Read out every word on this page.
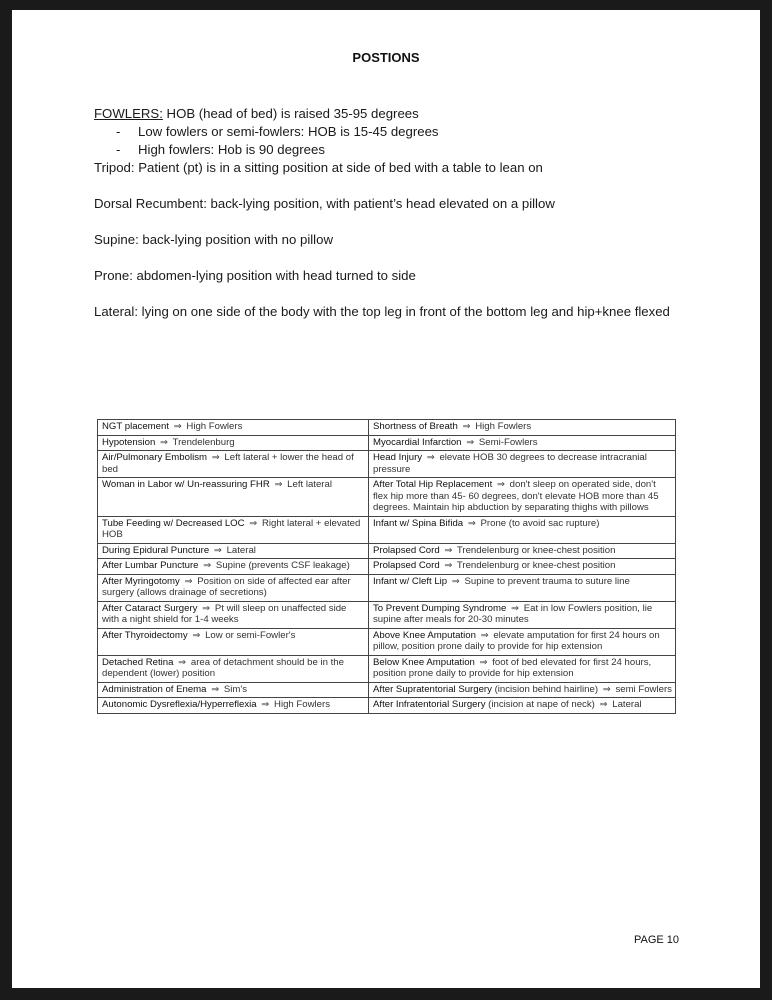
POSTIONS
FOWLERS: HOB (head of bed) is raised 35-95 degrees
- Low fowlers or semi-fowlers: HOB is 15-45 degrees
- High fowlers: Hob is 90 degrees
Tripod: Patient (pt) is in a sitting position at side of bed with a table to lean on
Dorsal Recumbent: back-lying position, with patient’s head elevated on a pillow
Supine: back-lying position with no pillow
Prone: abdomen-lying position with head turned to side
Lateral: lying on one side of the body with the top leg in front of the bottom leg and hip+knee flexed
NGT placement ⇒ High Fowlers	Shortness of Breath ⇒ High Fowlers
Hypotension ⇒ Trendelenburg	Myocardial Infarction ⇒ Semi-Fowlers
Air/Pulmonary Embolism ⇒ Left lateral + lower the head of bed	Head Injury ⇒ elevate HOB 30 degrees to decrease intracranial pressure
Woman in Labor w/ Un-reassuring FHR ⇒ Left lateral	After Total Hip Replacement ⇒ don't sleep on operated side, don't flex hip more than 45- 60 degrees, don't elevate HOB more than 45 degrees. Maintain hip abduction by separating thighs with pillows
Tube Feeding w/ Decreased LOC ⇒ Right lateral + elevated HOB	Infant w/ Spina Bifida ⇒ Prone (to avoid sac rupture)
During Epidural Puncture ⇒ Lateral	Prolapsed Cord ⇒ Trendelenburg or knee-chest position
After Lumbar Puncture ⇒ Supine (prevents CSF leakage)	Prolapsed Cord ⇒ Trendelenburg or knee-chest position
After Myringotomy ⇒ Position on side of affected ear after surgery (allows drainage of secretions)	Infant w/ Cleft Lip ⇒ Supine to prevent trauma to suture line
After Cataract Surgery ⇒ Pt will sleep on unaffected side with a night shield for 1-4 weeks	To Prevent Dumping Syndrome ⇒ Eat in low Fowlers position, lie supine after meals for 20-30 minutes
After Thyroidectomy ⇒ Low or semi-Fowler's	Above Knee Amputation ⇒ elevate amputation for first 24 hours on pillow, position prone daily to provide for hip extension
Detached Retina ⇒ area of detachment should be in the dependent (lower) position	Below Knee Amputation ⇒ foot of bed elevated for first 24 hours, position prone daily to provide for hip extension
Administration of Enema ⇒ Sim's	After Supratentorial Surgery (incision behind hairline) ⇒ semi Fowlers
Autonomic Dysreflexia/Hyperreflexia ⇒ High Fowlers	After Infratentorial Surgery (incision at nape of neck) ⇒ Lateral
PAGE 10
